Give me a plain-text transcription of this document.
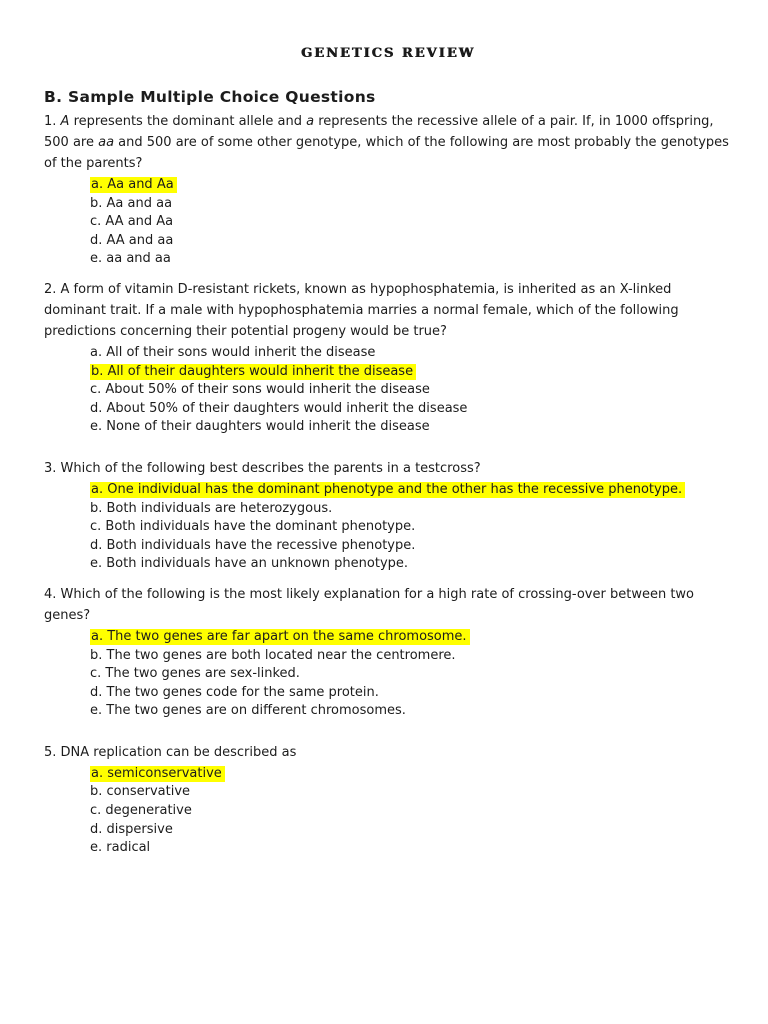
GENETICS REVIEW
B. Sample Multiple Choice Questions

1. A represents the dominant allele and a represents the recessive allele of a pair. If, in 1000 offspring, 500 are aa and 500 are of some other genotype, which of the following are most probably the genotypes of the parents?

a. Aa and Aa
b. Aa and aa
c. AA and Aa
d. AA and aa
e. aa and aa

2. A form of vitamin D-resistant rickets, known as hypophosphatemia, is inherited as an X-linked dominant trait. If a male with hypophosphatemia marries a normal female, which of the following predictions concerning their potential progeny would be true?

a. All of their sons would inherit the disease
b. All of their daughters would inherit the disease
c. About 50% of their sons would inherit the disease
d. About 50% of their daughters would inherit the disease
e. None of their daughters would inherit the disease

3. Which of the following best describes the parents in a testcross?

a. One individual has the dominant phenotype and the other has the recessive phenotype.
b. Both individuals are heterozygous.
c. Both individuals have the dominant phenotype.
d. Both individuals have the recessive phenotype.
e. Both individuals have an unknown phenotype.

4. Which of the following is the most likely explanation for a high rate of crossing-over between two genes?

a. The two genes are far apart on the same chromosome.
b. The two genes are both located near the centromere.
c. The two genes are sex-linked.
d. The two genes code for the same protein.
e. The two genes are on different chromosomes.

5. DNA replication can be described as

a. semiconservative
b. conservative
c. degenerative
d. dispersive
e. radical
